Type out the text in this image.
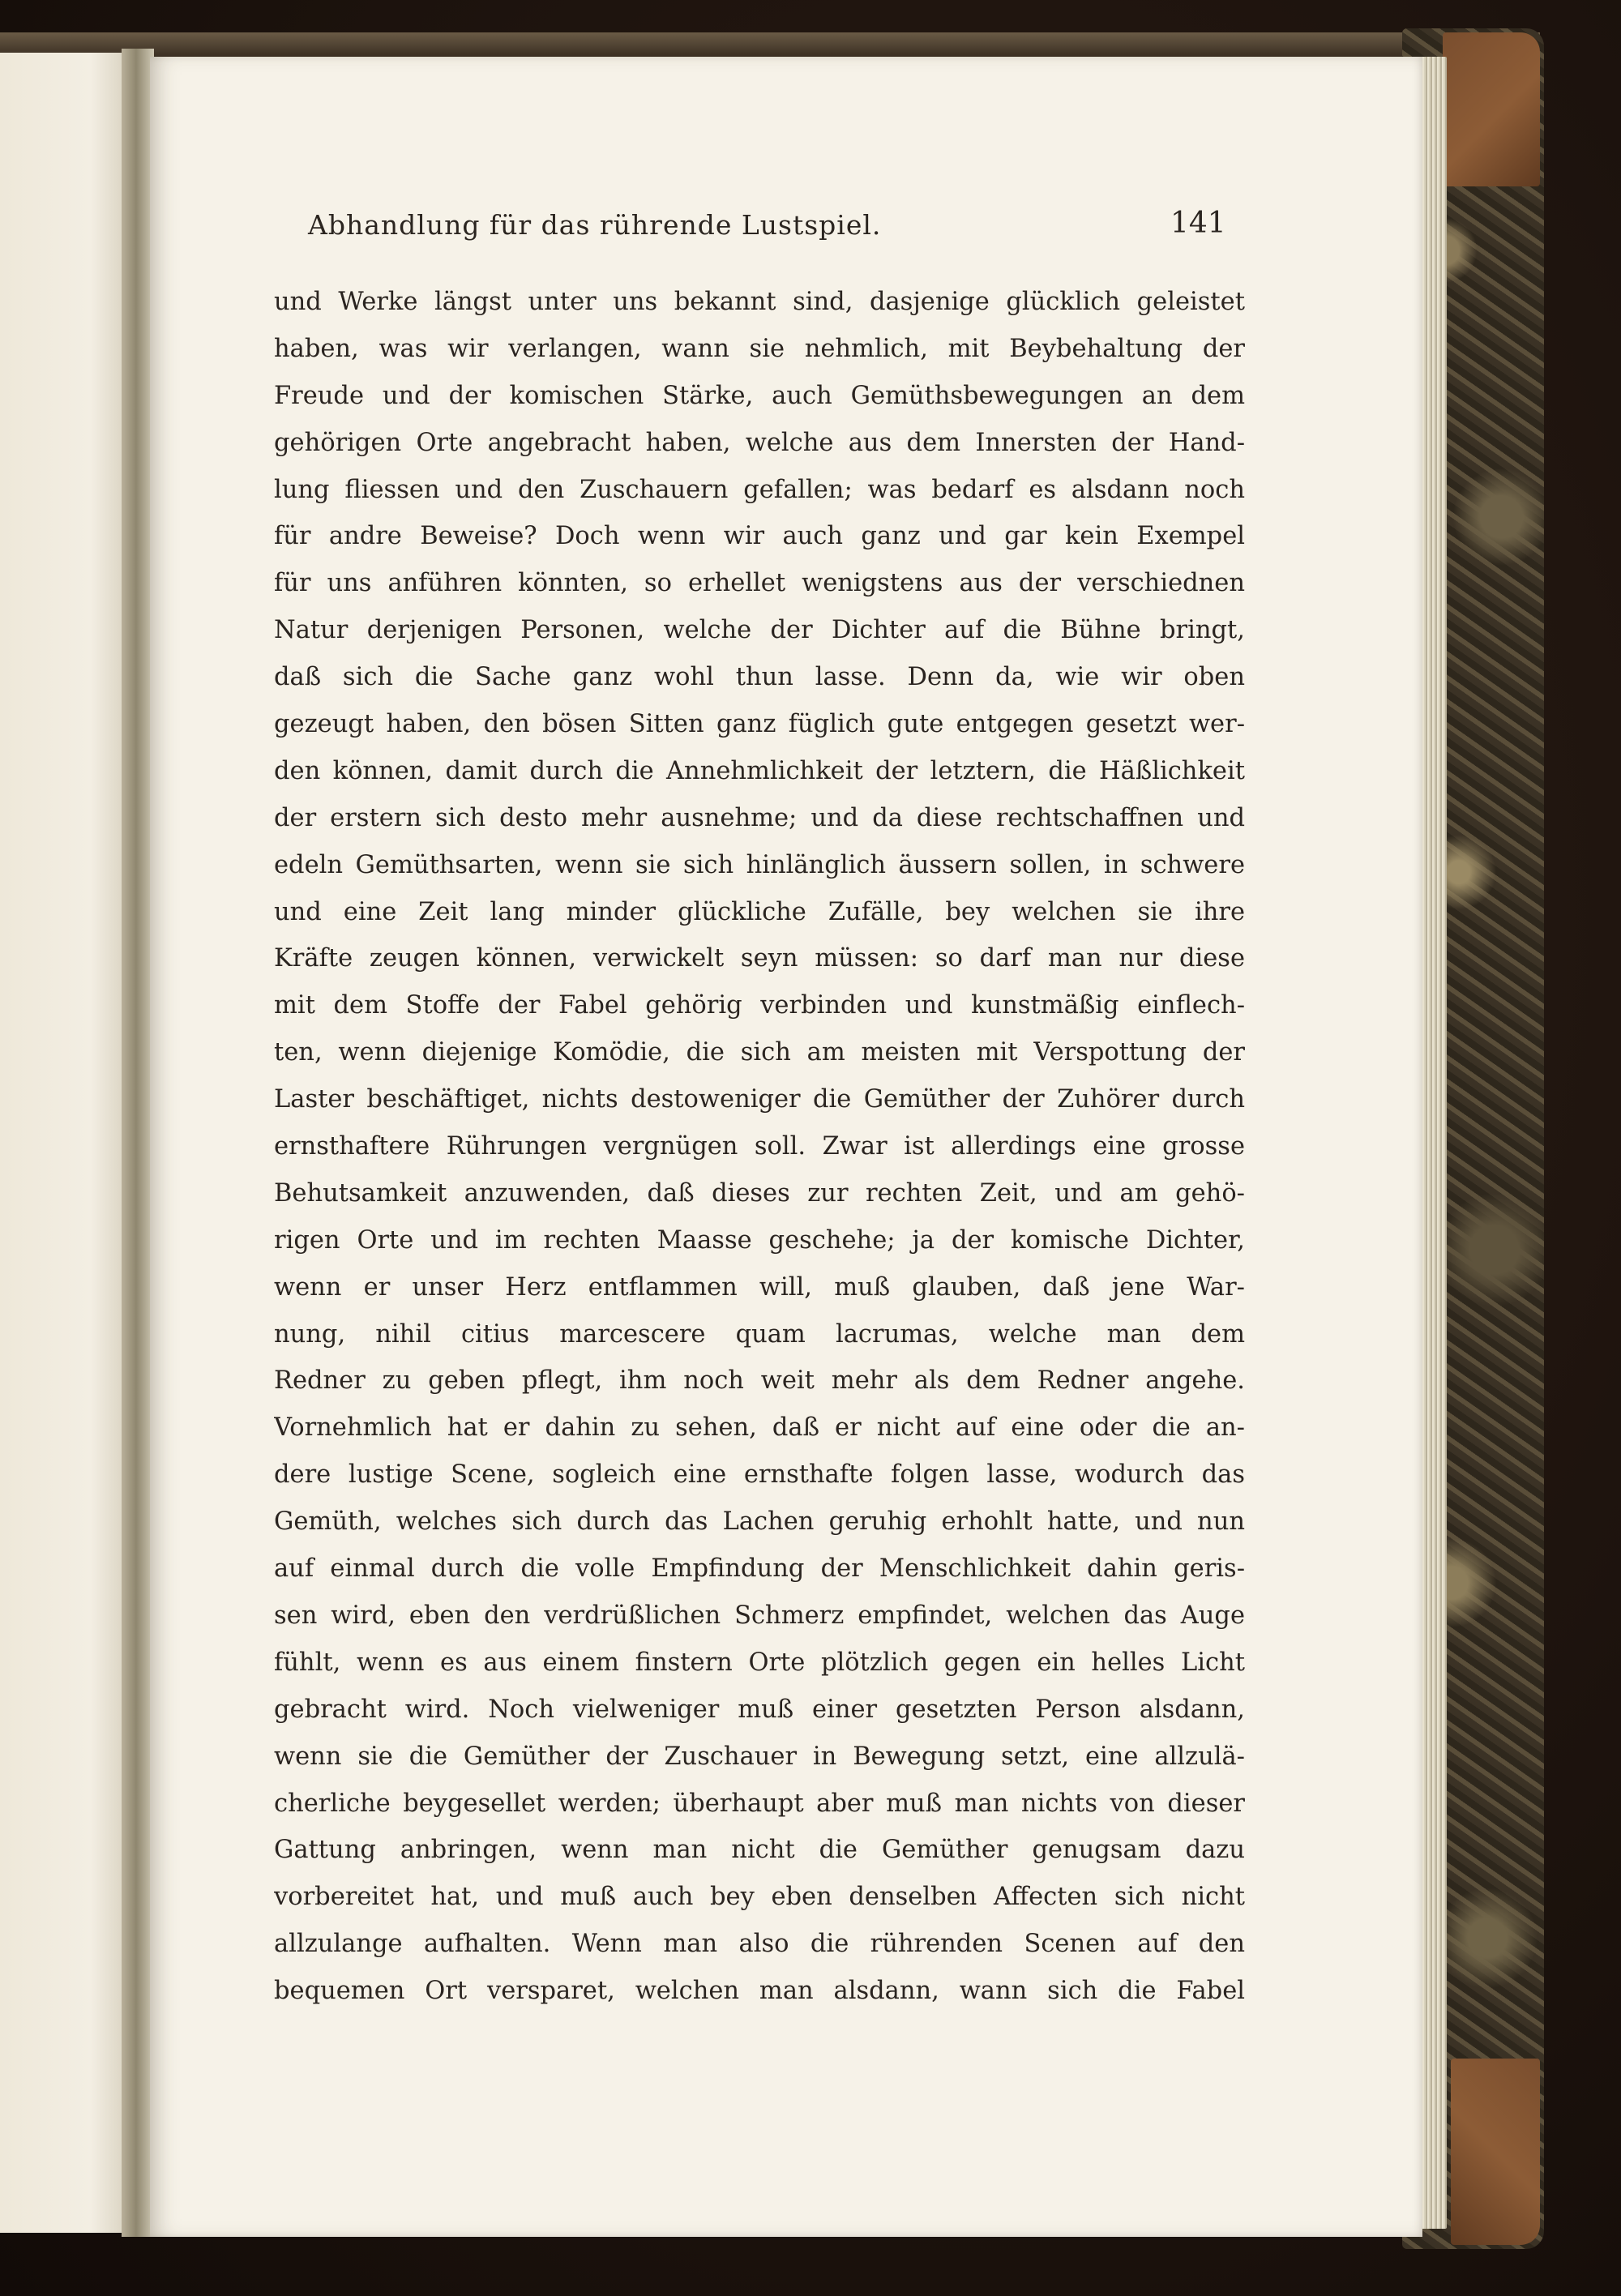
Abhandlung für das rührende Lustspiel.	141
und Werke längst unter uns bekannt sind, dasjenige glücklich geleistet
haben, was wir verlangen, wann sie nehmlich, mit Beybehaltung der
Freude und der komischen Stärke, auch Gemüthsbewegungen an dem
gehörigen Orte angebracht haben, welche aus dem Innersten der Hand-
lung fliessen und den Zuschauern gefallen; was bedarf es alsdann noch
für andre Beweise? Doch wenn wir auch ganz und gar kein Exempel
für uns anführen könnten, so erhellet wenigstens aus der verschiednen
Natur derjenigen Personen, welche der Dichter auf die Bühne bringt,
daß sich die Sache ganz wohl thun lasse. Denn da, wie wir oben
gezeugt haben, den bösen Sitten ganz füglich gute entgegen gesetzt wer-
den können, damit durch die Annehmlichkeit der letztern, die Häßlichkeit
der erstern sich desto mehr ausnehme; und da diese rechtschaffnen und
edeln Gemüthsarten, wenn sie sich hinlänglich äussern sollen, in schwere
und eine Zeit lang minder glückliche Zufälle, bey welchen sie ihre
Kräfte zeugen können, verwickelt seyn müssen: so darf man nur diese
mit dem Stoffe der Fabel gehörig verbinden und kunstmäßig einflech-
ten, wenn diejenige Komödie, die sich am meisten mit Verspottung der
Laster beschäftiget, nichts destoweniger die Gemüther der Zuhörer durch
ernsthaftere Rührungen vergnügen soll. Zwar ist allerdings eine grosse
Behutsamkeit anzuwenden, daß dieses zur rechten Zeit, und am gehö-
rigen Orte und im rechten Maasse geschehe; ja der komische Dichter,
wenn er unser Herz entflammen will, muß glauben, daß jene War-
nung, nihil citius marcescere quam lacrumas, welche man dem
Redner zu geben pflegt, ihm noch weit mehr als dem Redner angehe.
Vornehmlich hat er dahin zu sehen, daß er nicht auf eine oder die an-
dere lustige Scene, sogleich eine ernsthafte folgen lasse, wodurch das
Gemüth, welches sich durch das Lachen geruhig erhohlt hatte, und nun
auf einmal durch die volle Empfindung der Menschlichkeit dahin geris-
sen wird, eben den verdrüßlichen Schmerz empfindet, welchen das Auge
fühlt, wenn es aus einem finstern Orte plötzlich gegen ein helles Licht
gebracht wird. Noch vielweniger muß einer gesetzten Person alsdann,
wenn sie die Gemüther der Zuschauer in Bewegung setzt, eine allzulä-
cherliche beygesellet werden; überhaupt aber muß man nichts von dieser
Gattung anbringen, wenn man nicht die Gemüther genugsam dazu
vorbereitet hat, und muß auch bey eben denselben Affecten sich nicht
allzulange aufhalten. Wenn man also die rührenden Scenen auf den
bequemen Ort versparet, welchen man alsdann, wann sich die Fabel
